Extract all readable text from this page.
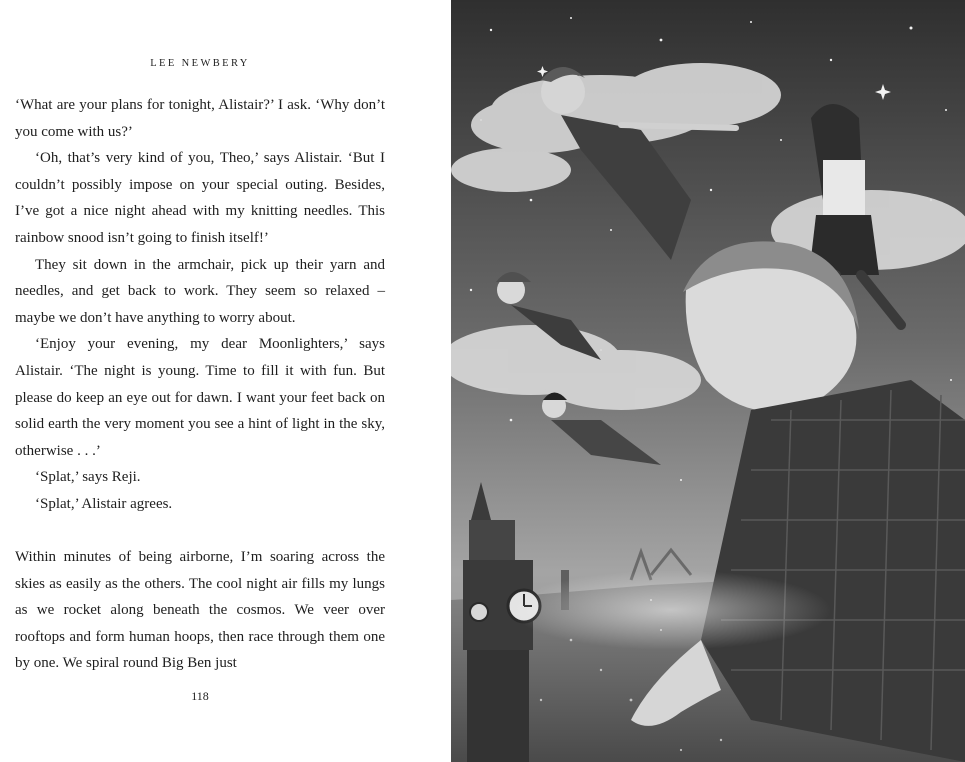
LEE NEWBERY

‘What are your plans for tonight, Alistair?’ I ask. ‘Why don’t you come with us?’

‘Oh, that’s very kind of you, Theo,’ says Alistair. ‘But I couldn’t possibly impose on your special outing. Besides, I’ve got a nice night ahead with my knitting needles. This rainbow snood isn’t going to finish itself!’

They sit down in the armchair, pick up their yarn and needles, and get back to work. They seem so relaxed – maybe we don’t have anything to worry about.

‘Enjoy your evening, my dear Moonlighters,’ says Alistair. ‘The night is young. Time to fill it with fun. But please do keep an eye out for dawn. I want your feet back on solid earth the very moment you see a hint of light in the sky, otherwise . . .’

‘Splat,’ says Reji.

‘Splat,’ Alistair agrees.

Within minutes of being airborne, I’m soaring across the skies as easily as the others. The cool night air fills my lungs as we rocket along beneath the cosmos. We veer over rooftops and form human hoops, then race through them one by one. We spiral round Big Ben just

118
